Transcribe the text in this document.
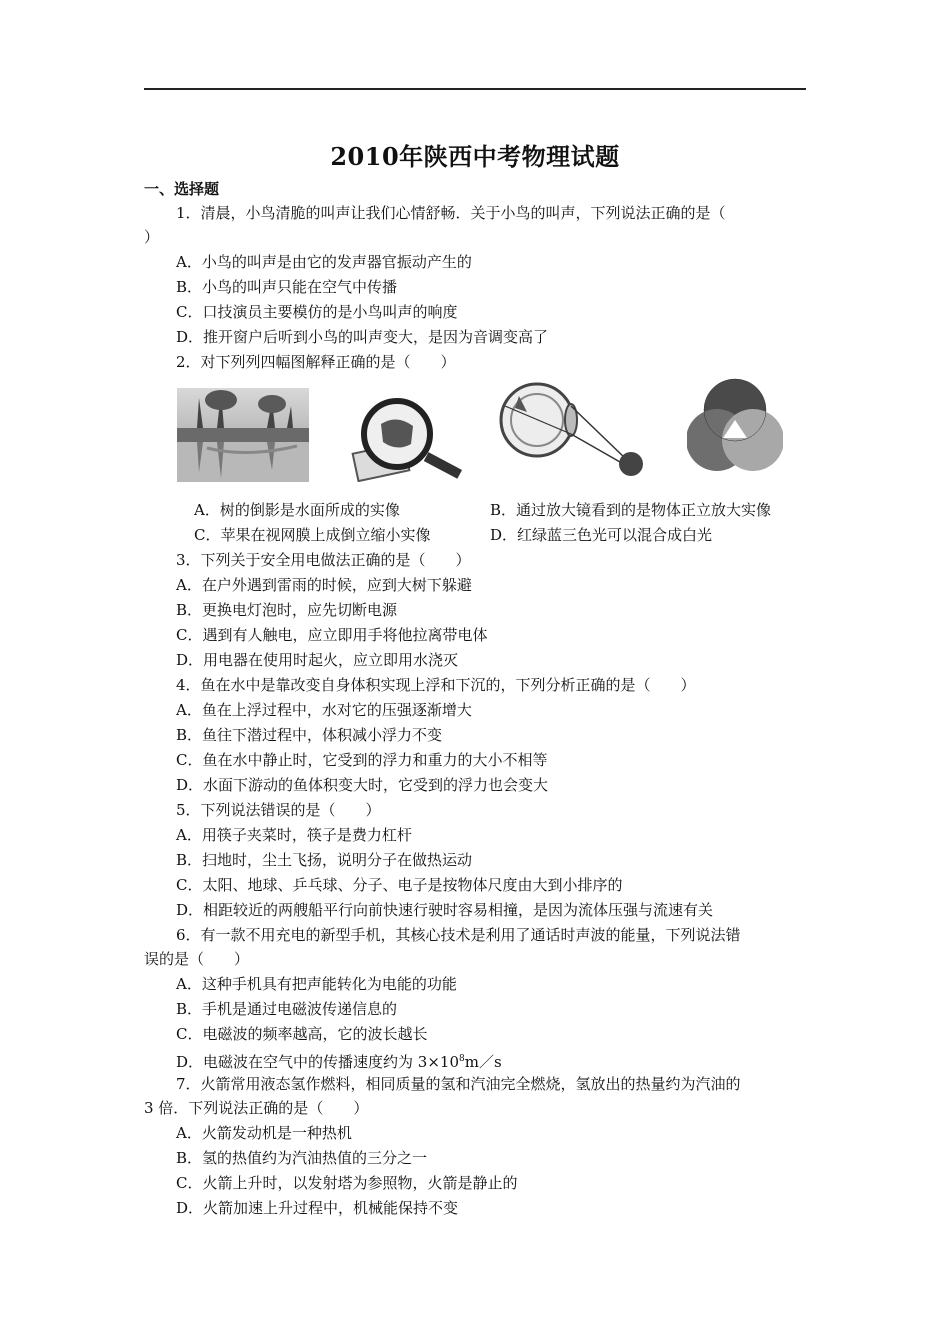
2010年陕西中考物理试题
一、选择题
1．清晨，小鸟清脆的叫声让我们心情舒畅．关于小鸟的叫声，下列说法正确的是（
）
A．小鸟的叫声是由它的发声器官振动产生的
B．小鸟的叫声只能在空气中传播
C．口技演员主要模仿的是小鸟叫声的响度
D．推开窗户后听到小鸟的叫声变大，是因为音调变高了
2．对下列列四幅图解释正确的是（　　）
A．树的倒影是水面所成的实像	B．通过放大镜看到的是物体正立放大实像
C．苹果在视网膜上成倒立缩小实像	D．红绿蓝三色光可以混合成白光
3．下列关于安全用电做法正确的是（　　）
A．在户外遇到雷雨的时候，应到大树下躲避
B．更换电灯泡时，应先切断电源
C．遇到有人触电，应立即用手将他拉离带电体
D．用电器在使用时起火，应立即用水浇灭
4．鱼在水中是靠改变自身体积实现上浮和下沉的，下列分析正确的是（　　）
A．鱼在上浮过程中，水对它的压强逐渐增大
B．鱼往下潜过程中，体积减小浮力不变
C．鱼在水中静止时，它受到的浮力和重力的大小不相等
D．水面下游动的鱼体积变大时，它受到的浮力也会变大
5．下列说法错误的是（　　）
A．用筷子夹菜时，筷子是费力杠杆
B．扫地时，尘土飞扬，说明分子在做热运动
C．太阳、地球、乒乓球、分子、电子是按物体尺度由大到小排序的
D．相距较近的两艘船平行向前快速行驶时容易相撞，是因为流体压强与流速有关
6．有一款不用充电的新型手机，其核心技术是利用了通话时声波的能量，下列说法错
误的是（　　）
A．这种手机具有把声能转化为电能的功能
B．手机是通过电磁波传递信息的
C．电磁波的频率越高，它的波长越长
D．电磁波在空气中的传播速度约为 $3\times 10^8m/s$
7．火箭常用液态氢作燃料，相同质量的氢和汽油完全燃烧，氢放出的热量约为汽油的
3 倍．下列说法正确的是（　　）
A．火箭发动机是一种热机
B．氢的热值约为汽油热值的三分之一
C．火箭上升时，以发射塔为参照物，火箭是静止的
D．火箭加速上升过程中，机械能保持不变
